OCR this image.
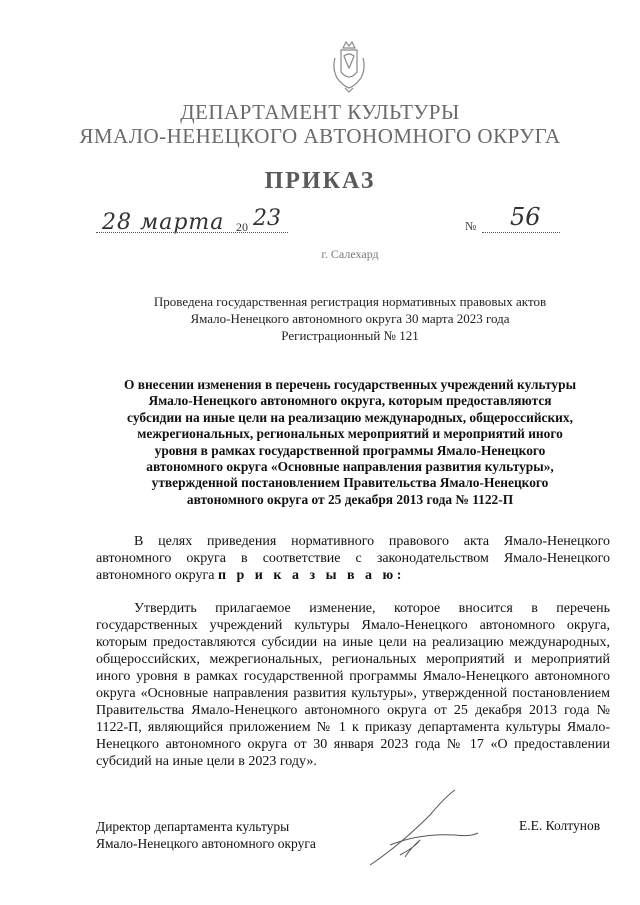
ДЕПАРТАМЕНТ КУЛЬТУРЫ
ЯМАЛО-НЕНЕЦКОГО АВТОНОМНОГО ОКРУГА
ПРИКАЗ
28 марта 20 23	№ 56
г. Салехард
Проведена государственная регистрация нормативных правовых актов
Ямало-Ненецкого автономного округа 30 марта 2023 года
Регистрационный № 121
О внесении изменения в перечень государственных учреждений культуры
Ямало-Ненецкого автономного округа, которым предоставляются
субсидии на иные цели на реализацию международных, общероссийских,
межрегиональных, региональных мероприятий и мероприятий иного
уровня в рамках государственной программы Ямало-Ненецкого
автономного округа «Основные направления развития культуры»,
утвержденной постановлением Правительства Ямало-Ненецкого
автономного округа от 25 декабря 2013 года № 1122-П
В целях приведения нормативного правового акта Ямало-Ненецкого автономного округа в соответствие с законодательством Ямало-Ненецкого автономного округа п р и к а з ы в а ю:
Утвердить прилагаемое изменение, которое вносится в перечень государственных учреждений культуры Ямало-Ненецкого автономного округа, которым предоставляются субсидии на иные цели на реализацию международных, общероссийских, межрегиональных, региональных мероприятий и мероприятий иного уровня в рамках государственной программы Ямало-Ненецкого автономного округа «Основные направления развития культуры», утвержденной постановлением Правительства Ямало-Ненецкого автономного округа от 25 декабря 2013 года № 1122-П, являющийся приложением № 1 к приказу департамента культуры Ямало-Ненецкого автономного округа от 30 января 2023 года № 17 «О предоставлении субсидий на иные цели в 2023 году».
Директор департамента культуры
Ямало-Ненецкого автономного округа
Е.Е. Колтунов
